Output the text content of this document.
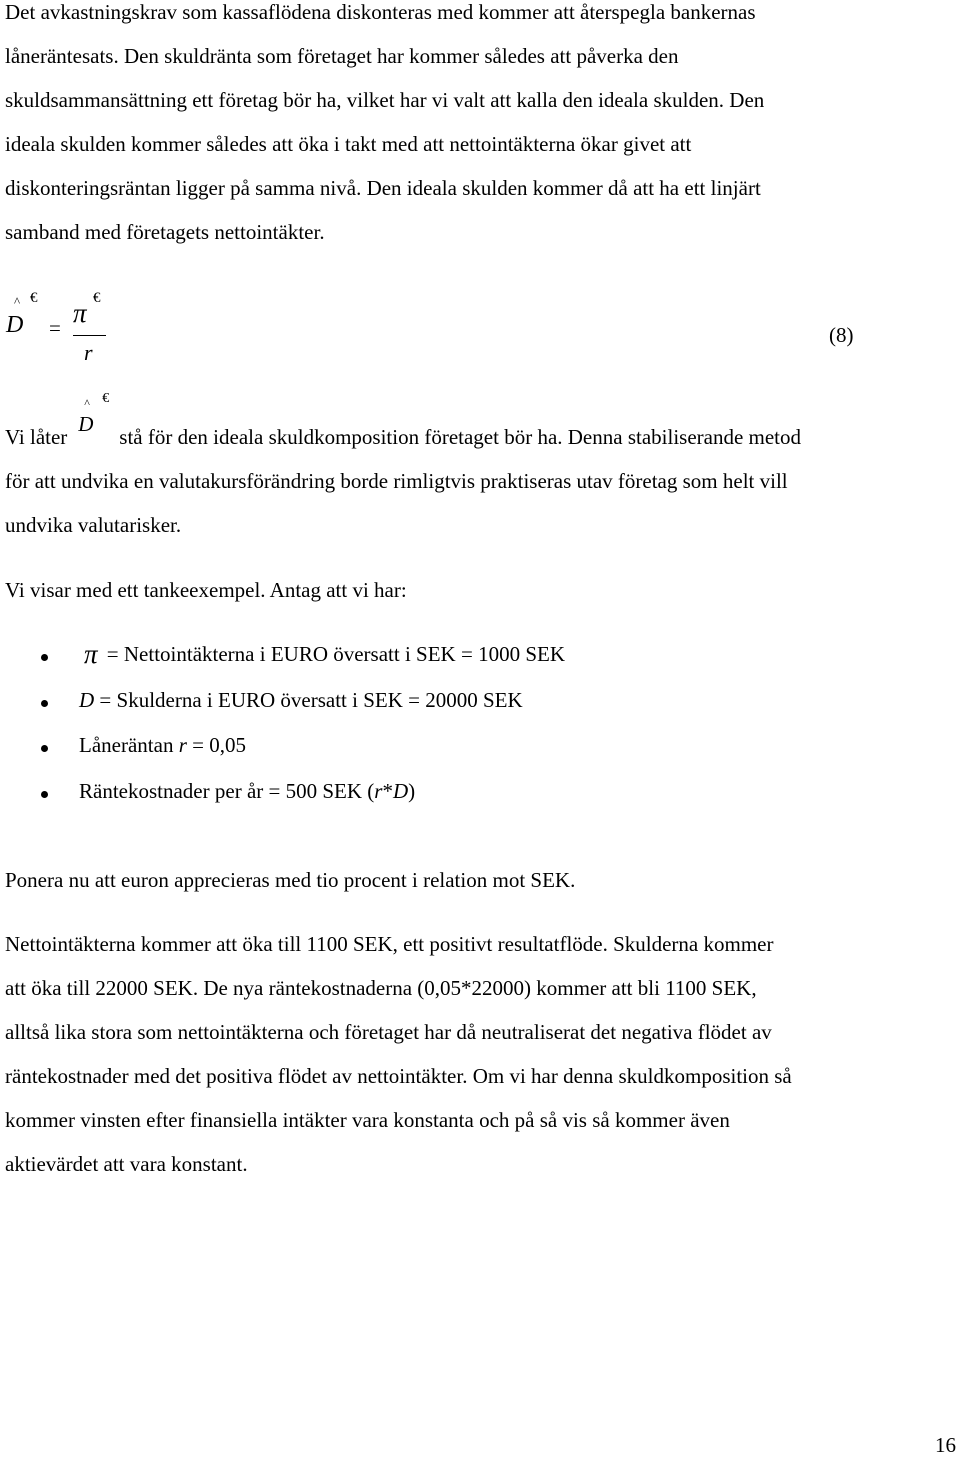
Det avkastningskrav som kassaflödena diskonteras med kommer att återspegla bankernas
låneräntesats. Den skuldränta som företaget har kommer således att påverka den
skuldsammansättning ett företag bör ha, vilket har vi valt att kalla den ideala skulden. Den
ideala skulden kommer således att öka i takt med att nettointäkterna ökar givet att
diskonteringsräntan ligger på samma nivå. Den ideala skulden kommer då att ha ett linjärt
samband med företagets nettointäkter.

^
D
€
= π €
r
(8)

Vi låter
^
D
€
stå för den ideala skuldkomposition företaget bör ha. Denna stabiliserande metod
för att undvika en valutakursförändring borde rimligtvis praktiseras utav företag som helt vill
undvika valutarisker.

Vi visar med ett tankeexempel. Antag att vi har:

π = Nettointäkterna i EURO översatt i SEK = 1000 SEK
D = Skulderna i EURO översatt i SEK = 20000 SEK
Låneräntan r = 0,05
Räntekostnader per år = 500 SEK (r*D)

Ponera nu att euron apprecieras med tio procent i relation mot SEK.

Nettointäkterna kommer att öka till 1100 SEK, ett positivt resultatflöde. Skulderna kommer
att öka till 22000 SEK. De nya räntekostnaderna (0,05*22000) kommer att bli 1100 SEK,
alltså lika stora som nettointäkterna och företaget har då neutraliserat det negativa flödet av
räntekostnader med det positiva flödet av nettointäkter. Om vi har denna skuldkomposition så
kommer vinsten efter finansiella intäkter vara konstanta och på så vis så kommer även
aktievärdet att vara konstant.

16
